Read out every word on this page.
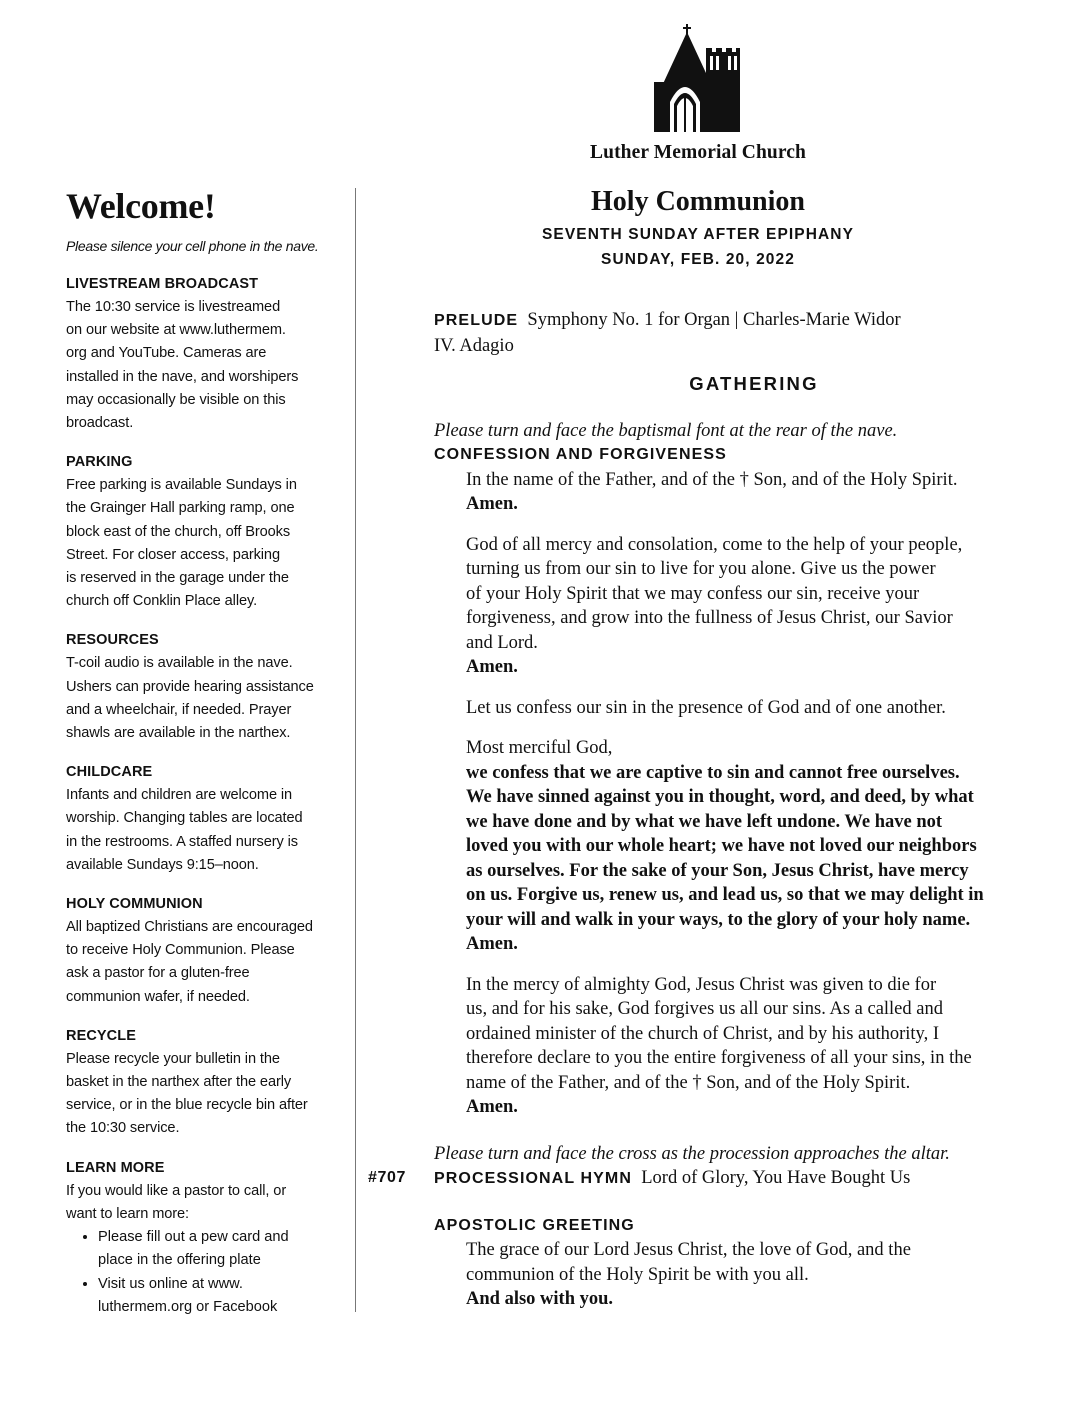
Luther Memorial Church
Welcome!
Please silence your cell phone in the nave.
LIVESTREAM BROADCAST
The 10:30 service is livestreamed
on our website at www.luthermem.
org and YouTube. Cameras are
installed in the nave, and worshipers
may occasionally be visible on this
broadcast.
PARKING
Free parking is available Sundays in
the Grainger Hall parking ramp, one
block east of the church, off Brooks
Street. For closer access, parking
is reserved in the garage under the
church off Conklin Place alley.
RESOURCES
T-coil audio is available in the nave.
Ushers can provide hearing assistance
and a wheelchair, if needed. Prayer
shawls are available in the narthex.
CHILDCARE
Infants and children are welcome in
worship. Changing tables are located
in the restrooms. A staffed nursery is
available Sundays 9:15–noon.
HOLY COMMUNION
All baptized Christians are encouraged
to receive Holy Communion. Please
ask a pastor for a gluten-free
communion wafer, if needed.
RECYCLE
Please recycle your bulletin in the
basket in the narthex after the early
service, or in the blue recycle bin after
the 10:30 service.
LEARN MORE
If you would like a pastor to call, or
want to learn more:
• Please fill out a pew card and
place in the offering plate
• Visit us online at www.
luthermem.org or Facebook
Holy Communion
SEVENTH SUNDAY AFTER EPIPHANY
SUNDAY, FEB. 20, 2022
PRELUDE Symphony No. 1 for Organ | Charles-Marie Widor
IV. Adagio
GATHERING
Please turn and face the baptismal font at the rear of the nave.
CONFESSION AND FORGIVENESS
In the name of the Father, and of the † Son, and of the Holy Spirit.
Amen.
God of all mercy and consolation, come to the help of your people,
turning us from our sin to live for you alone. Give us the power
of your Holy Spirit that we may confess our sin, receive your
forgiveness, and grow into the fullness of Jesus Christ, our Savior
and Lord.
Amen.
Let us confess our sin in the presence of God and of one another.
Most merciful God,
we confess that we are captive to sin and cannot free ourselves.
We have sinned against you in thought, word, and deed, by what
we have done and by what we have left undone. We have not
loved you with our whole heart; we have not loved our neighbors
as ourselves. For the sake of your Son, Jesus Christ, have mercy
on us. Forgive us, renew us, and lead us, so that we may delight in
your will and walk in your ways, to the glory of your holy name.
Amen.
In the mercy of almighty God, Jesus Christ was given to die for
us, and for his sake, God forgives us all our sins. As a called and
ordained minister of the church of Christ, and by his authority, I
therefore declare to you the entire forgiveness of all your sins, in the
name of the Father, and of the † Son, and of the Holy Spirit.
Amen.
Please turn and face the cross as the procession approaches the altar.
#707 PROCESSIONAL HYMN Lord of Glory, You Have Bought Us
APOSTOLIC GREETING
The grace of our Lord Jesus Christ, the love of God, and the
communion of the Holy Spirit be with you all.
And also with you.
